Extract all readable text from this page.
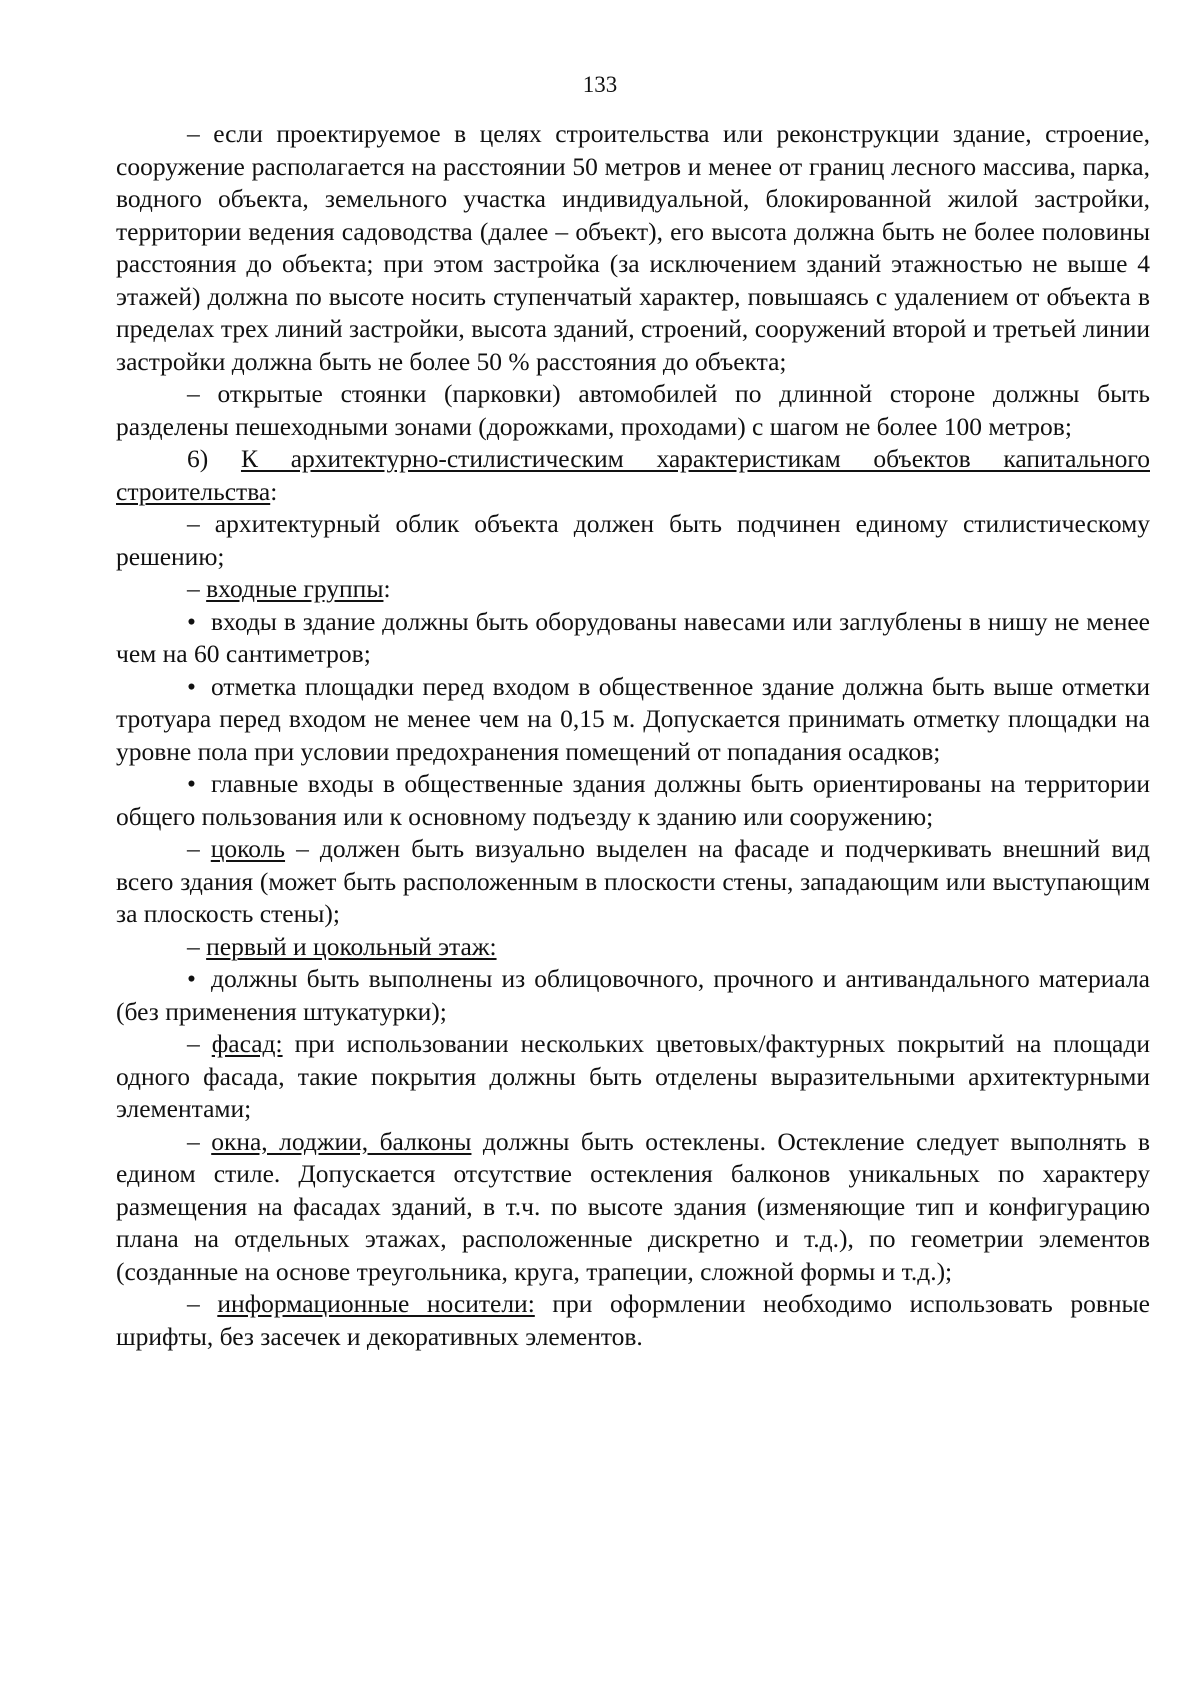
133

– если проектируемое в целях строительства или реконструкции здание, строение, сооружение располагается на расстоянии 50 метров и менее от границ лесного массива, парка, водного объекта, земельного участка индивидуальной, блокированной жилой застройки, территории ведения садоводства (далее – объект), его высота должна быть не более половины расстояния до объекта; при этом застройка (за исключением зданий этажностью не выше 4 этажей) должна по высоте носить ступенчатый характер, повышаясь с удалением от объекта в пределах трех линий застройки, высота зданий, строений, сооружений второй и третьей линии застройки должна быть не более 50 % расстояния до объекта;

– открытые стоянки (парковки) автомобилей по длинной стороне должны быть разделены пешеходными зонами (дорожками, проходами) с шагом не более 100 метров;

6) К архитектурно-стилистическим характеристикам объектов капитального строительства:

– архитектурный облик объекта должен быть подчинен единому стилистическому решению;

– входные группы:

• входы в здание должны быть оборудованы навесами или заглублены в нишу не менее чем на 60 сантиметров;

• отметка площадки перед входом в общественное здание должна быть выше отметки тротуара перед входом не менее чем на 0,15 м. Допускается принимать отметку площадки на уровне пола при условии предохранения помещений от попадания осадков;

• главные входы в общественные здания должны быть ориентированы на территории общего пользования или к основному подъезду к зданию или сооружению;

– цоколь – должен быть визуально выделен на фасаде и подчеркивать внешний вид всего здания (может быть расположенным в плоскости стены, западающим или выступающим за плоскость стены);

– первый и цокольный этаж:

• должны быть выполнены из облицовочного, прочного и антивандального материала (без применения штукатурки);

– фасад: при использовании нескольких цветовых/фактурных покрытий на площади одного фасада, такие покрытия должны быть отделены выразительными архитектурными элементами;

– окна, лоджии, балконы должны быть остеклены. Остекление следует выполнять в едином стиле. Допускается отсутствие остекления балконов уникальных по характеру размещения на фасадах зданий, в т.ч. по высоте здания (изменяющие тип и конфигурацию плана на отдельных этажах, расположенные дискретно и т.д.), по геометрии элементов (созданные на основе треугольника, круга, трапеции, сложной формы и т.д.);

– информационные носители: при оформлении необходимо использовать ровные шрифты, без засечек и декоративных элементов.
